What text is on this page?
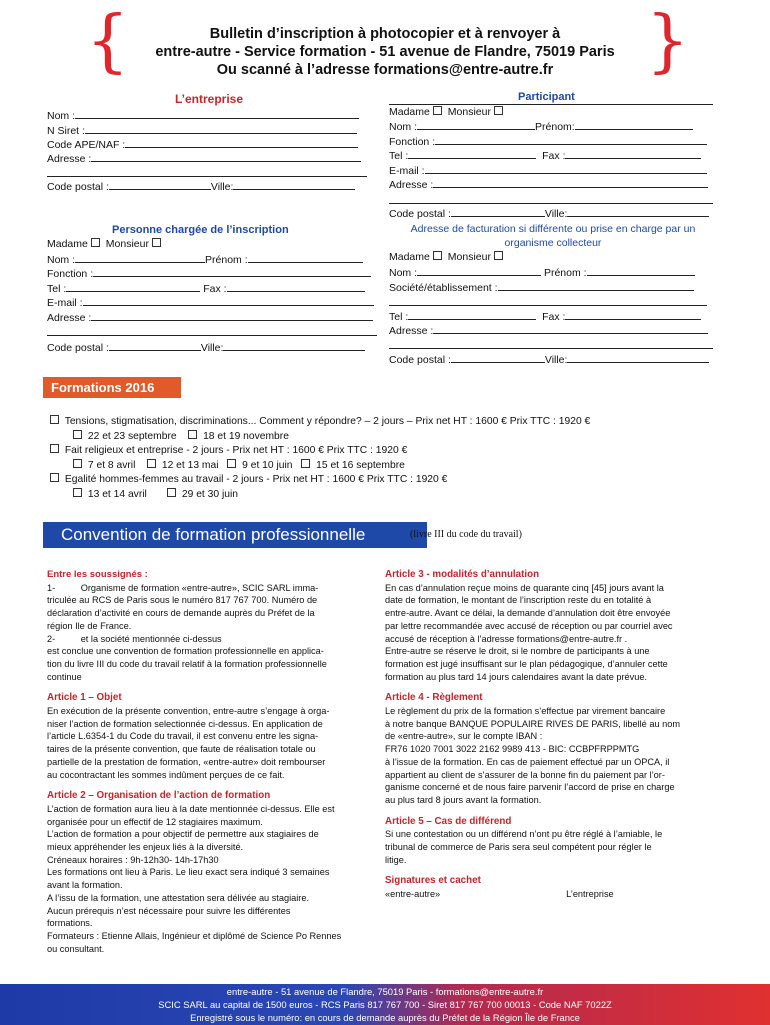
{	}
Bulletin d’inscription à photocopier et à renvoyer à
entre-autre - Service formation - 51 avenue de Flandre, 75019 Paris
Ou scanné à l’adresse formations@entre-autre.fr
L’entreprise
Nom :
N Siret :
Code APE/NAF :
Adresse :
Code postal :	Ville:
Personne chargée de l’inscription
Madame Monsieur
Nom :	Prénom :
Fonction :
Tel :	Fax :
E-mail :
Adresse :
Code postal :	Ville:
Participant
Madame Monsieur
Nom :	Prénom:
Fonction :
Tel :	Fax :
E-mail :
Adresse :
Code postal :	Ville:
Adresse de facturation si différente ou prise en charge par un
organisme collecteur
Madame Monsieur
Nom :	Prénom :
Société/établissement :
Tel :	Fax :
Adresse :
Code postal :	Ville:
Formations 2016
Tensions, stigmatisation, discriminations... Comment y répondre? – 2 jours – Prix net HT : 1600 € Prix TTC : 1920 €
22 et 23 septembre	18 et 19 novembre
Fait religieux et entreprise - 2 jours - Prix net HT : 1600 € Prix TTC : 1920 €
7 et 8 avril	12 et 13 mai 9 et 10 juin 15 et 16 septembre
Egalité hommes-femmes au travail - 2 jours - Prix net HT : 1600 € Prix TTC : 1920 €
13 et 14 avril	29 et 30 juin
Convention de formation professionnelle	(livre III du code du travail)

Entre les soussignés :

1-          Organisme de formation «entre-autre», SCIC SARL imma-

triculée au RCS de Paris sous le numéro 817 767 700. Numéro de

déclaration d’activité en cours de demande auprès du Préfet de la

région Ile de France.

2-          et la société mentionnée ci-dessus

est conclue une convention de formation professionnelle en applica-

tion du livre III du code du travail relatif à la formation professionnelle

continue

Article 1 – Objet

En exécution de la présente convention, entre-autre s’engage à orga-

niser l’action de formation selectionnée ci-dessus. En application de

l’article L.6354-1 du Code du travail, il est convenu entre les signa-

taires de la présente convention, que faute de réalisation totale ou

partielle de la prestation de formation, «entre-autre» doit rembourser

au cocontractant les sommes indûment perçues de ce fait.

Article 2 – Organisation de l’action de formation

L’action de formation aura lieu à la date mentionnée ci-dessus. Elle est

organisée pour un effectif de 12 stagiaires maximum.

L’action de formation a pour objectif de permettre aux stagiaires de

mieux appréhender les enjeux liés à la diversité.

Créneaux horaires : 9h-12h30- 14h-17h30

Les formations ont lieu à Paris. Le lieu exact sera indiqué 3 semaines

avant la formation.

A l’issu de la formation, une attestation sera délivée au stagiaire.

Aucun prérequis n’est nécessaire pour suivre les différentes

formations.

Formateurs : Etienne Allais, Ingénieur et diplômé de Science Po Rennes

ou consultant.

Article 3 - modalités d’annulation

En cas d’annulation reçue moins de quarante cinq [45] jours avant la

date de formation, le montant de l’inscription reste du en totalité à

entre-autre. Avant ce délai, la demande d’annulation doit être envoyée

par lettre recommandée avec accusé de réception ou par courriel avec

accusé de réception à l’adresse formations@entre-autre.fr .

Entre-autre se réserve le droit, si le nombre de participants à une

formation est jugé insuffisant sur le plan pédagogique, d’annuler cette

formation au plus tard 14 jours calendaires avant la date prévue.

Article 4 - Règlement

Le règlement du prix de la formation s’effectue par virement bancaire

à notre banque BANQUE POPULAIRE RIVES DE PARIS, libellé au nom

de «entre-autre», sur le compte IBAN :

FR76 1020 7001 3022 2162 9989 413 - BIC: CCBPFRPPMTG

à l’issue de la formation. En cas de paiement effectué par un OPCA, il

appartient au client de s’assurer de la bonne fin du paiement par l’or-

ganisme concerné et de nous faire parvenir l’accord de prise en charge

au plus tard 8 jours avant la formation.

Article 5 – Cas de différend

Si une contestation ou un différend n’ont pu être réglé à l’amiable, le

tribunal de commerce de Paris sera seul compétent pour régler le

litige.

Signatures et cachet

«entre-autre»	L’entreprise

entre-autre - 51 avenue de Flandre, 75019 Paris - formations@entre-autre.fr
SCIC SARL au capital de 1500 euros - RCS Paris 817 767 700 - Siret 817 767 700 00013 - Code NAF 7022Z
Enregistré sous le numéro: en cours de demande auprès du Préfet de la Région Île de France
